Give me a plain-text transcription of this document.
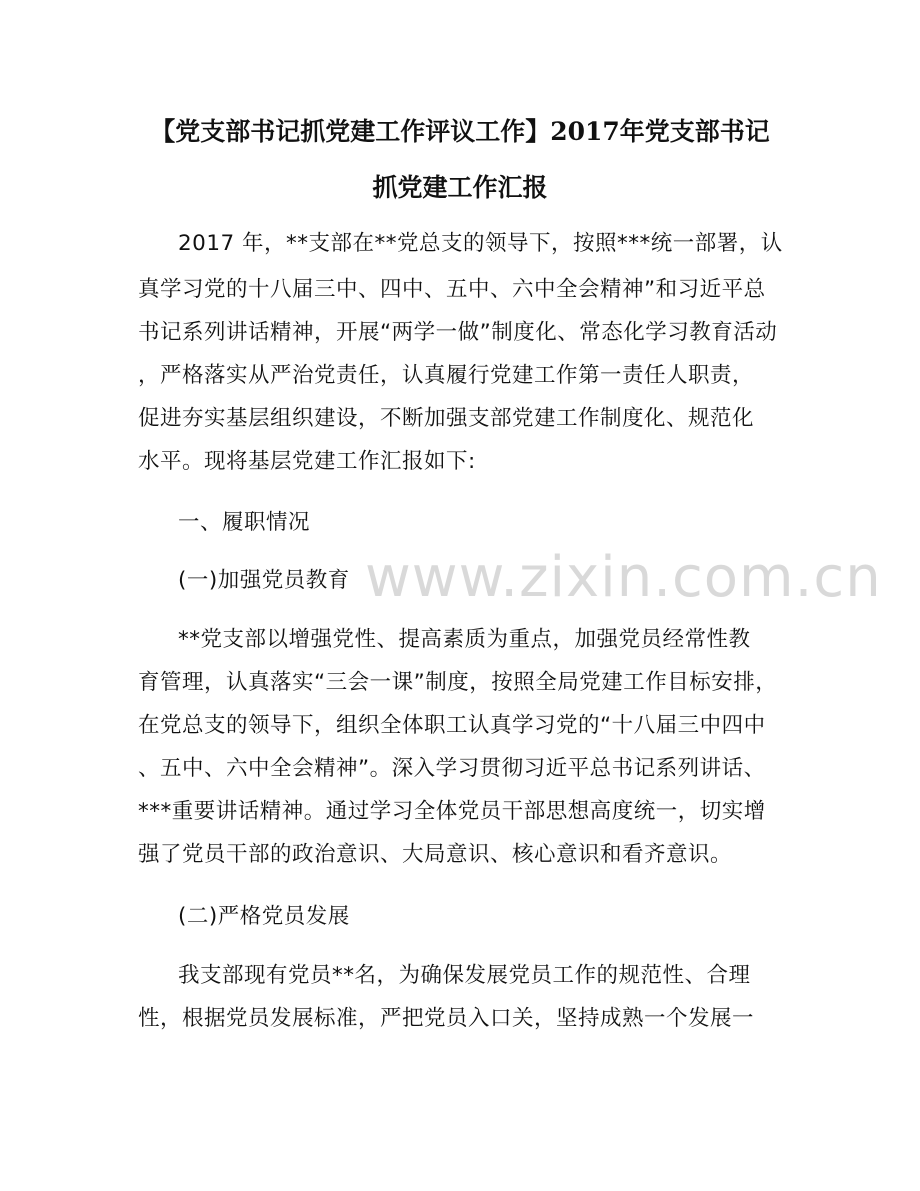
www.zixin.com.cn
【党支部书记抓党建工作评议工作】2017年党支部书记
抓党建工作汇报
2017 年，**支部在**党总支的领导下，按照***统一部署，认
真学习党的十八届三中、四中、五中、六中全会精神”和习近平总
书记系列讲话精神，开展“两学一做”制度化、常态化学习教育活动
，严格落实从严治党责任，认真履行党建工作第一责任人职责，
促进夯实基层组织建设，不断加强支部党建工作制度化、规范化
水平。现将基层党建工作汇报如下:
一、履职情况
(一)加强党员教育
**党支部以增强党性、提高素质为重点，加强党员经常性教
育管理，认真落实“三会一课”制度，按照全局党建工作目标安排，
在党总支的领导下，组织全体职工认真学习党的“十八届三中四中
、五中、六中全会精神”。深入学习贯彻习近平总书记系列讲话、
***重要讲话精神。通过学习全体党员干部思想高度统一，切实增
强了党员干部的政治意识、大局意识、核心意识和看齐意识。
(二)严格党员发展
我支部现有党员**名，为确保发展党员工作的规范性、合理
性，根据党员发展标准，严把党员入口关，坚持成熟一个发展一
